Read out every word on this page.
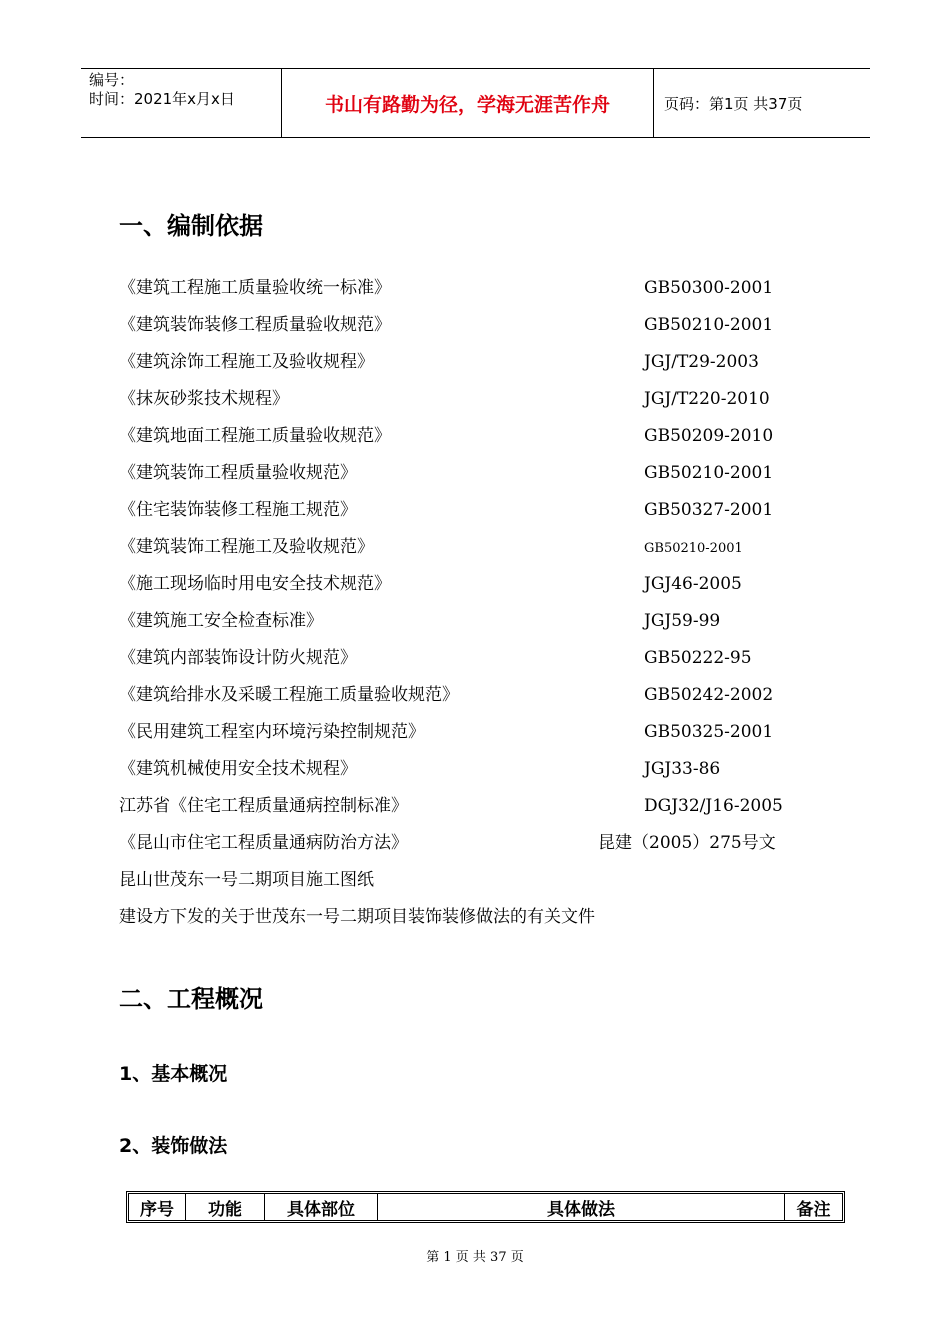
编号：
时间：2021年x月x日	书山有路勤为径，学海无涯苦作舟	页码：第1页 共37页
一、编制依据
《建筑工程施工质量验收统一标准》	GB50300-2001
《建筑装饰装修工程质量验收规范》	GB50210-2001
《建筑涂饰工程施工及验收规程》	JGJ/T29-2003
《抹灰砂浆技术规程》	JGJ/T220-2010
《建筑地面工程施工质量验收规范》	GB50209-2010
《建筑装饰工程质量验收规范》	GB50210-2001
《住宅装饰装修工程施工规范》	GB50327-2001
《建筑装饰工程施工及验收规范》	GB50210-2001
《施工现场临时用电安全技术规范》	JGJ46-2005
《建筑施工安全检查标准》	JGJ59-99
《建筑内部装饰设计防火规范》	GB50222-95
《建筑给排水及采暖工程施工质量验收规范》	GB50242-2002
《民用建筑工程室内环境污染控制规范》	GB50325-2001
《建筑机械使用安全技术规程》	JGJ33-86
江苏省《住宅工程质量通病控制标准》	DGJ32/J16-2005
《昆山市住宅工程质量通病防治方法》	昆建（2005）275号文
昆山世茂东一号二期项目施工图纸
建设方下发的关于世茂东一号二期项目装饰装修做法的有关文件
二、工程概况
1、基本概况
2、装饰做法
序号	功能	具体部位	具体做法	备注
第 1 页 共 37 页
